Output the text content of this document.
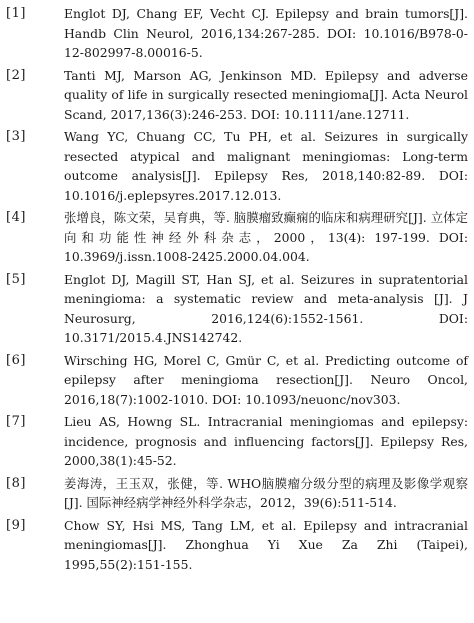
[1]	Englot DJ, Chang EF, Vecht CJ. Epilepsy and brain tumors[J]. Handb Clin Neurol, 2016,134:267-285. DOI: 10.1016/B978-0-12-802997-8.00016-5.
[2]	Tanti MJ, Marson AG, Jenkinson MD. Epilepsy and adverse quality of life in surgically resected meningioma[J]. Acta Neurol Scand, 2017,136(3):246-253. DOI: 10.1111/ane.12711.
[3]	Wang YC, Chuang CC, Tu PH, et al. Seizures in surgically resected atypical and malignant meningiomas: Long-term outcome analysis[J]. Epilepsy Res, 2018,140:82-89. DOI: 10.1016/j.eplepsyres.2017.12.013.
[4]	张增良，陈文荣，吴育典，等. 脑膜瘤致癫痫的临床和病理研究[J]. 立体定向和功能性神经外科杂志，2000，13(4): 197-199. DOI: 10.3969/j.issn.1008-2425.2000.04.004.
[5]	Englot DJ, Magill ST, Han SJ, et al. Seizures in supratentorial meningioma: a systematic review and meta-analysis [J]. J Neurosurg, 2016,124(6):1552-1561. DOI: 10.3171/2015.4.JNS142742.
[6]	Wirsching HG, Morel C, Gmür C, et al. Predicting outcome of epilepsy after meningioma resection[J]. Neuro Oncol, 2016,18(7):1002-1010. DOI: 10.1093/neuonc/nov303.
[7]	Lieu AS, Howng SL. Intracranial meningiomas and epilepsy: incidence, prognosis and influencing factors[J]. Epilepsy Res, 2000,38(1):45-52.
[8]	姜海涛，王玉双，张健，等. WHO脑膜瘤分级分型的病理及影像学观察[J]. 国际神经病学神经外科学杂志，2012，39(6):511-514.
[9]	Chow SY, Hsi MS, Tang LM, et al. Epilepsy and intracranial meningiomas[J]. Zhonghua Yi Xue Za Zhi (Taipei), 1995,55(2):151-155.
